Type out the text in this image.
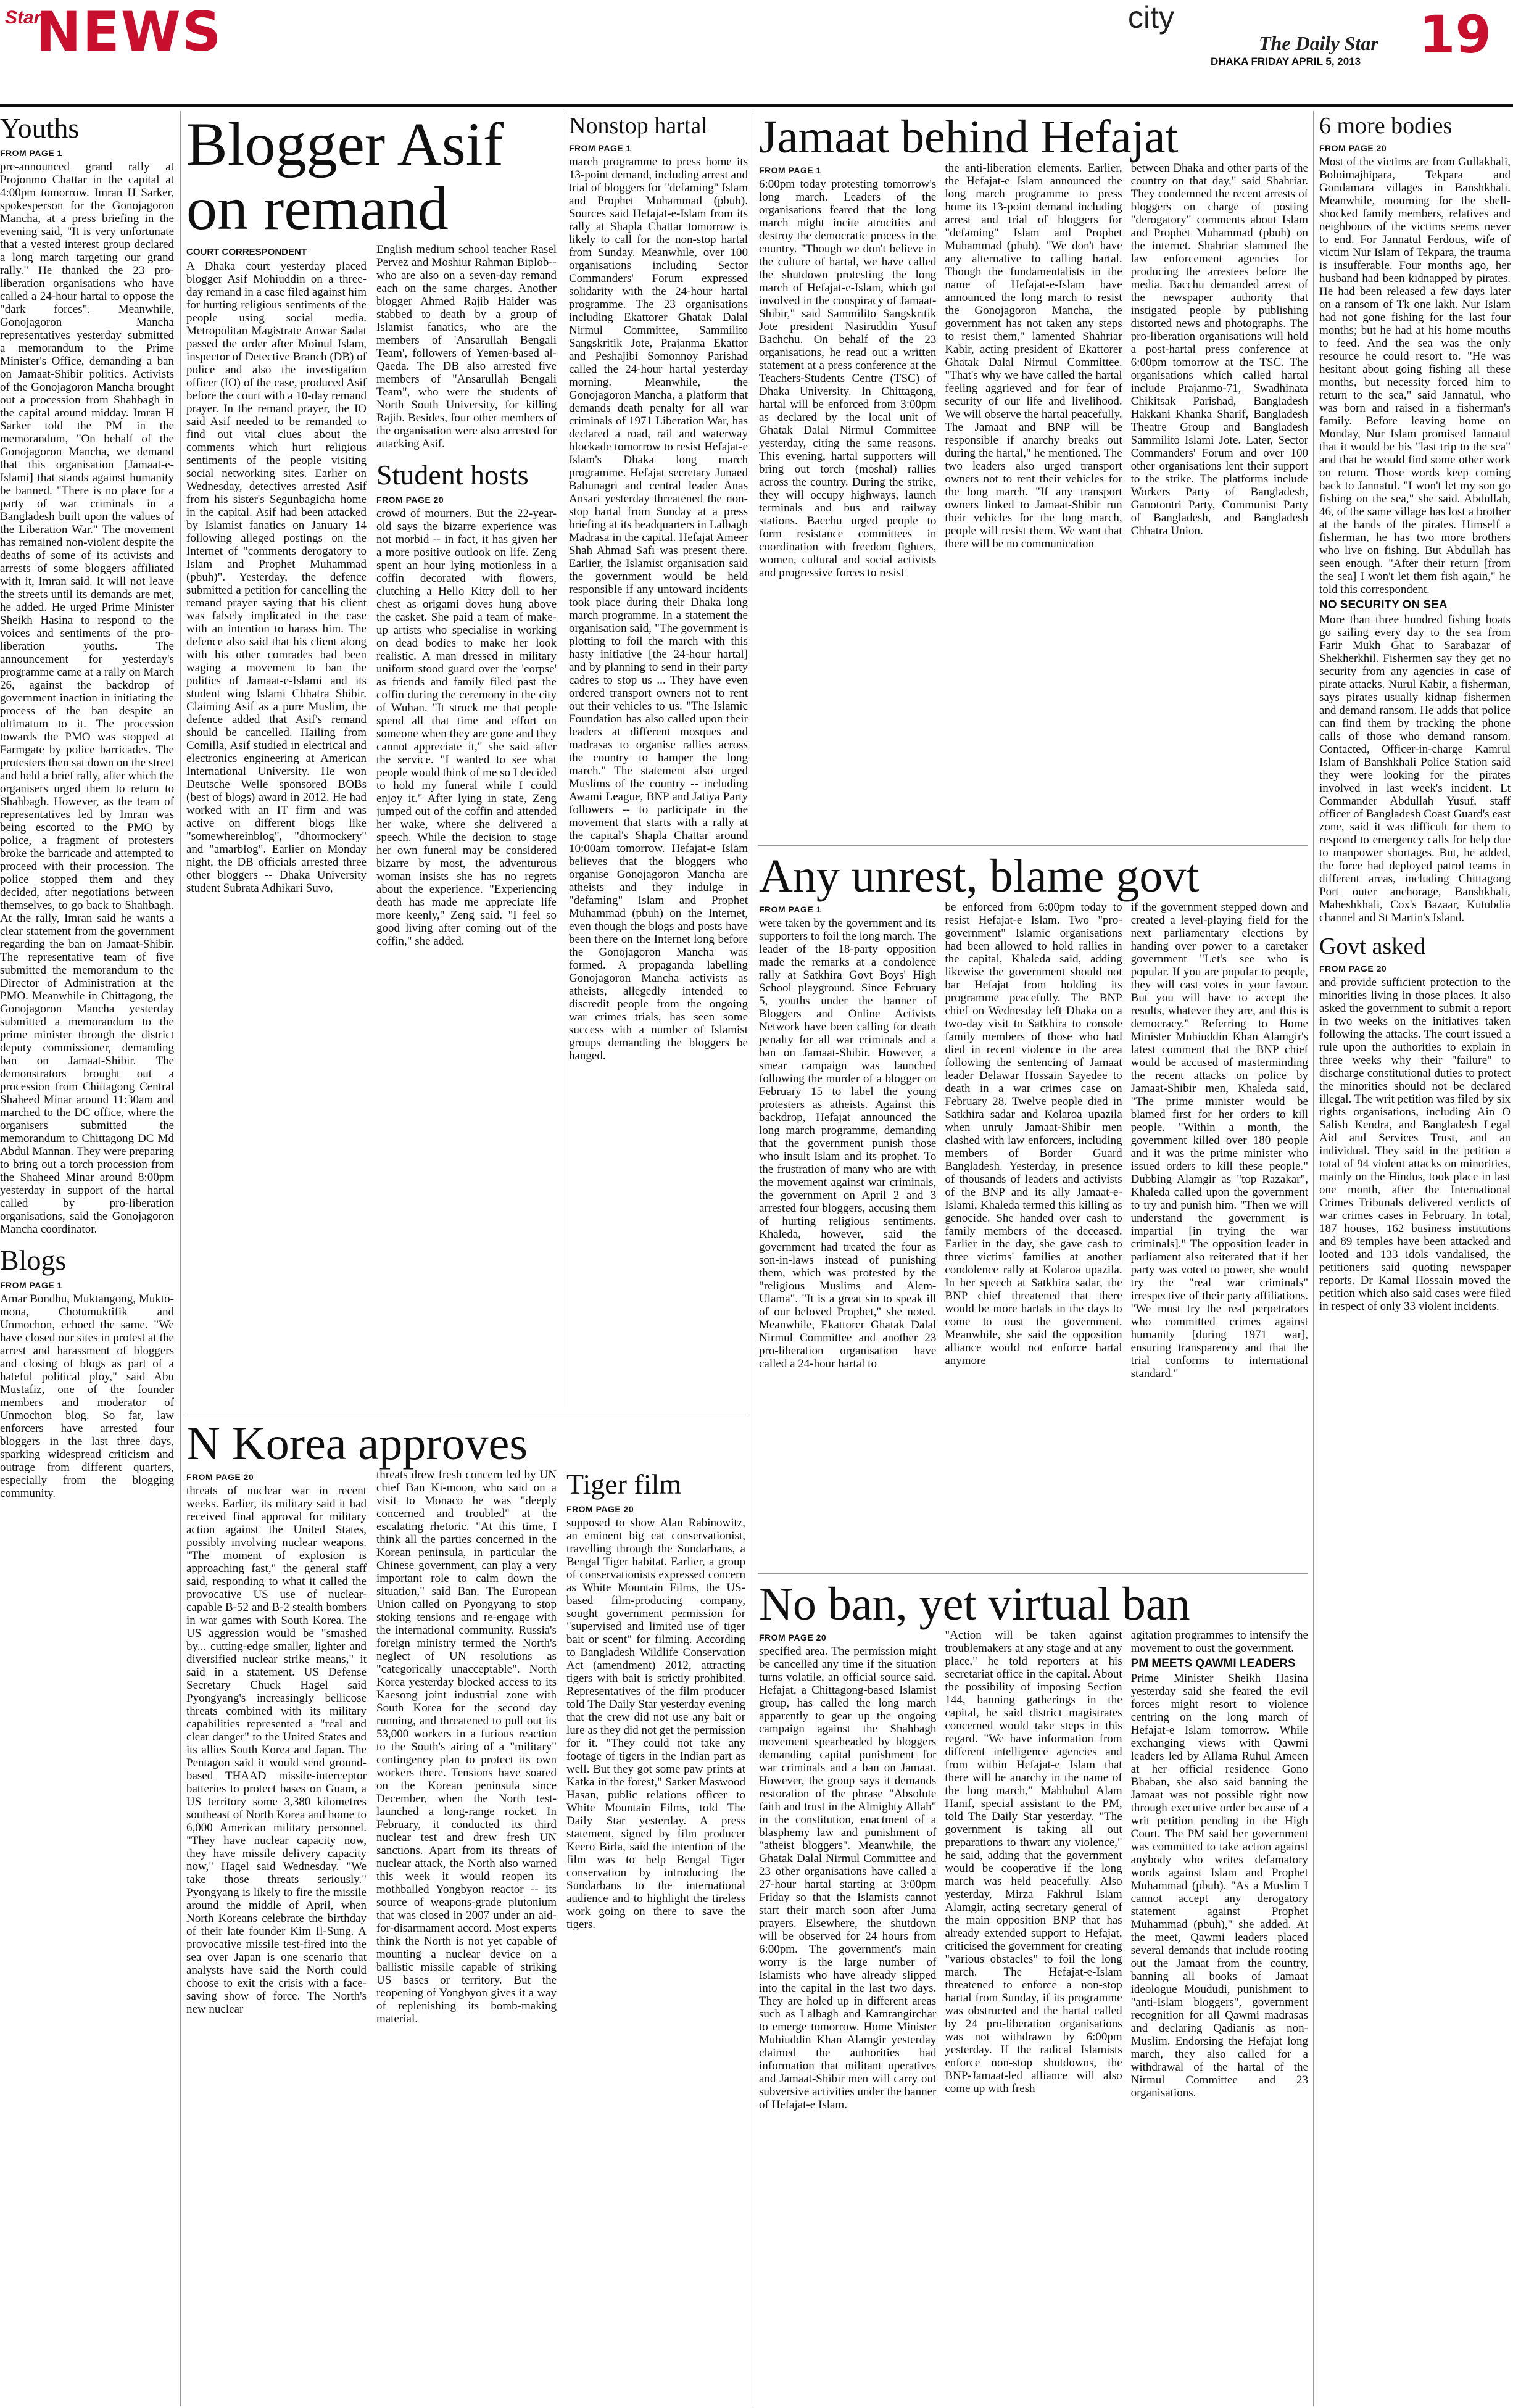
Star
NEWS	city
The Daily Star
DHAKA FRIDAY APRIL 5, 2013 19
Youths
FROM PAGE 1

pre-announced grand rally at Projonmo Chattar in the capital at 4:00pm tomorrow. Imran H Sarker, spokesperson for the Gonojagoron Mancha, at a press briefing in the evening said, "It is very unfortunate that a vested interest group declared a long march targeting our grand rally." He thanked the 23 pro-liberation organisations who have called a 24-hour hartal to oppose the "dark forces". Meanwhile, Gonojagoron Mancha representatives yesterday submitted a memorandum to the Prime Minister's Office, demanding a ban on Jamaat-Shibir politics. Activists of the Gonojagoron Mancha brought out a procession from Shahbagh in the capital around midday. Imran H Sarker told the PM in the memorandum, "On behalf of the Gonojagoron Mancha, we demand that this organisation [Jamaat-e-Islami] that stands against humanity be banned. "There is no place for a party of war criminals in a Bangladesh built upon the values of the Liberation War." The movement has remained non-violent despite the deaths of some of its activists and arrests of some bloggers affiliated with it, Imran said. It will not leave the streets until its demands are met, he added. He urged Prime Minister Sheikh Hasina to respond to the voices and sentiments of the pro-liberation youths. The announcement for yesterday's programme came at a rally on March 26, against the backdrop of government inaction in initiating the process of the ban despite an ultimatum to it. The procession towards the PMO was stopped at Farmgate by police barricades. The protesters then sat down on the street and held a brief rally, after which the organisers urged them to return to Shahbagh. However, as the team of representatives led by Imran was being escorted to the PMO by police, a fragment of protesters broke the barricade and attempted to proceed with their procession. The police stopped them and they decided, after negotiations between themselves, to go back to Shahbagh. At the rally, Imran said he wants a clear statement from the government regarding the ban on Jamaat-Shibir. The representative team of five submitted the memorandum to the Director of Administration at the PMO. Meanwhile in Chittagong, the Gonojagoron Mancha yesterday submitted a memorandum to the prime minister through the district deputy commissioner, demanding ban on Jamaat-Shibir. The demonstrators brought out a procession from Chittagong Central Shaheed Minar around 11:30am and marched to the DC office, where the organisers submitted the memorandum to Chittagong DC Md Abdul Mannan. They were preparing to bring out a torch procession from the Shaheed Minar around 8:00pm yesterday in support of the hartal called by pro-liberation organisations, said the Gonojagoron Mancha coordinator.

Blogs
FROM PAGE 1

Amar Bondhu, Muktangong, Mukto-mona, Chotumuktifik and Unmochon, echoed the same. "We have closed our sites in protest at the arrest and harassment of bloggers and closing of blogs as part of a hateful political ploy," said Abu Mustafiz, one of the founder members and moderator of Unmochon blog. So far, law enforcers have arrested four bloggers in the last three days, sparking widespread criticism and outrage from different quarters, especially from the blogging community.

Blogger Asif on remand
COURT CORRESPONDENT

A Dhaka court yesterday placed blogger Asif Mohiuddin on a three-day remand in a case filed against him for hurting religious sentiments of the people using social media. Metropolitan Magistrate Anwar Sadat passed the order after Moinul Islam, inspector of Detective Branch (DB) of police and also the investigation officer (IO) of the case, produced Asif before the court with a 10-day remand prayer. In the remand prayer, the IO said Asif needed to be remanded to find out vital clues about the comments which hurt religious sentiments of the people visiting social networking sites. Earlier on Wednesday, detectives arrested Asif from his sister's Segunbagicha home in the capital. Asif had been attacked by Islamist fanatics on January 14 following alleged postings on the Internet of "comments derogatory to Islam and Prophet Muhammad (pbuh)". Yesterday, the defence submitted a petition for cancelling the remand prayer saying that his client was falsely implicated in the case with an intention to harass him. The defence also said that his client along with his other comrades had been waging a movement to ban the politics of Jamaat-e-Islami and its student wing Islami Chhatra Shibir. Claiming Asif as a pure Muslim, the defence added that Asif's remand should be cancelled. Hailing from Comilla, Asif studied in electrical and electronics engineering at American International University. He won Deutsche Welle sponsored BOBs (best of blogs) award in 2012. He had worked with an IT firm and was active on different blogs like "somewhereinblog", "dhormockery" and "amarblog". Earlier on Monday night, the DB officials arrested three other bloggers -- Dhaka University student Subrata Adhikari Suvo,

English medium school teacher Rasel Pervez and Moshiur Rahman Biplob-- who are also on a seven-day remand each on the same charges. Another blogger Ahmed Rajib Haider was stabbed to death by a group of Islamist fanatics, who are the members of 'Ansarullah Bengali Team', followers of Yemen-based al-Qaeda. The DB also arrested five members of "Ansarullah Bengali Team", who were the students of North South University, for killing Rajib. Besides, four other members of the organisation were also arrested for attacking Asif.

Student hosts
FROM PAGE 20

crowd of mourners. But the 22-year-old says the bizarre experience was not morbid -- in fact, it has given her a more positive outlook on life. Zeng spent an hour lying motionless in a coffin decorated with flowers, clutching a Hello Kitty doll to her chest as origami doves hung above the casket. She paid a team of make-up artists who specialise in working on dead bodies to make her look realistic. A man dressed in military uniform stood guard over the 'corpse' as friends and family filed past the coffin during the ceremony in the city of Wuhan. "It struck me that people spend all that time and effort on someone when they are gone and they cannot appreciate it," she said after the service. "I wanted to see what people would think of me so I decided to hold my funeral while I could enjoy it." After lying in state, Zeng jumped out of the coffin and attended her wake, where she delivered a speech. While the decision to stage her own funeral may be considered bizarre by most, the adventurous woman insists she has no regrets about the experience. "Experiencing death has made me appreciate life more keenly," Zeng said. "I feel so good living after coming out of the coffin," she added.

Nonstop hartal
FROM PAGE 1

march programme to press home its 13-point demand, including arrest and trial of bloggers for "defaming" Islam and Prophet Muhammad (pbuh). Sources said Hefajat-e-Islam from its rally at Shapla Chattar tomorrow is likely to call for the non-stop hartal from Sunday. Meanwhile, over 100 organisations including Sector Commanders' Forum expressed solidarity with the 24-hour hartal programme. The 23 organisations including Ekattorer Ghatak Dalal Nirmul Committee, Sammilito Sangskritik Jote, Prajanma Ekattor and Peshajibi Somonnoy Parishad called the 24-hour hartal yesterday morning. Meanwhile, the Gonojagoron Mancha, a platform that demands death penalty for all war criminals of 1971 Liberation War, has declared a road, rail and waterway blockade tomorrow to resist Hefajat-e Islam's Dhaka long march programme. Hefajat secretary Junaed Babunagri and central leader Anas Ansari yesterday threatened the non-stop hartal from Sunday at a press briefing at its headquarters in Lalbagh Madrasa in the capital. Hefajat Ameer Shah Ahmad Safi was present there. Earlier, the Islamist organisation said the government would be held responsible if any untoward incidents took place during their Dhaka long march programme. In a statement the organisation said, "The government is plotting to foil the march with this hasty initiative [the 24-hour hartal] and by planning to send in their party cadres to stop us ... They have even ordered transport owners not to rent out their vehicles to us. "The Islamic Foundation has also called upon their leaders at different mosques and madrasas to organise rallies across the country to hamper the long march." The statement also urged Muslims of the country -- including Awami League, BNP and Jatiya Party followers -- to participate in the movement that starts with a rally at the capital's Shapla Chattar around 10:00am tomorrow. Hefajat-e Islam believes that the bloggers who organise Gonojagoron Mancha are atheists and they indulge in "defaming" Islam and Prophet Muhammad (pbuh) on the Internet, even though the blogs and posts have been there on the Internet long before the Gonojagoron Mancha was formed. A propaganda labelling Gonojagoron Mancha activists as atheists, allegedly intended to discredit people from the ongoing war crimes trials, has seen some success with a number of Islamist groups demanding the bloggers be hanged.

N Korea approves
FROM PAGE 20

threats of nuclear war in recent weeks. Earlier, its military said it had received final approval for military action against the United States, possibly involving nuclear weapons. "The moment of explosion is approaching fast," the general staff said, responding to what it called the provocative US use of nuclear-capable B-52 and B-2 stealth bombers in war games with South Korea. The US aggression would be "smashed by... cutting-edge smaller, lighter and diversified nuclear strike means," it said in a statement. US Defense Secretary Chuck Hagel said Pyongyang's increasingly bellicose threats combined with its military capabilities represented a "real and clear danger" to the United States and its allies South Korea and Japan. The Pentagon said it would send ground-based THAAD missile-interceptor batteries to protect bases on Guam, a US territory some 3,380 kilometres southeast of North Korea and home to 6,000 American military personnel. "They have nuclear capacity now, they have missile delivery capacity now," Hagel said Wednesday. "We take those threats seriously." Pyongyang is likely to fire the missile around the middle of April, when North Koreans celebrate the birthday of their late founder Kim Il-Sung. A provocative missile test-fired into the sea over Japan is one scenario that analysts have said the North could choose to exit the crisis with a face-saving show of force. The North's new nuclear

threats drew fresh concern led by UN chief Ban Ki-moon, who said on a visit to Monaco he was "deeply concerned and troubled" at the escalating rhetoric. "At this time, I think all the parties concerned in the Korean peninsula, in particular the Chinese government, can play a very important role to calm down the situation," said Ban. The European Union called on Pyongyang to stop stoking tensions and re-engage with the international community. Russia's foreign ministry termed the North's neglect of UN resolutions as "categorically unacceptable". North Korea yesterday blocked access to its Kaesong joint industrial zone with South Korea for the second day running, and threatened to pull out its 53,000 workers in a furious reaction to the South's airing of a "military" contingency plan to protect its own workers there. Tensions have soared on the Korean peninsula since December, when the North test-launched a long-range rocket. In February, it conducted its third nuclear test and drew fresh UN sanctions. Apart from its threats of nuclear attack, the North also warned this week it would reopen its mothballed Yongbyon reactor -- its source of weapons-grade plutonium that was closed in 2007 under an aid-for-disarmament accord. Most experts think the North is not yet capable of mounting a nuclear device on a ballistic missile capable of striking US bases or territory. But the reopening of Yongbyon gives it a way of replenishing its bomb-making material.

Tiger film
FROM PAGE 20

supposed to show Alan Rabinowitz, an eminent big cat conservationist, travelling through the Sundarbans, a Bengal Tiger habitat. Earlier, a group of conservationists expressed concern as White Mountain Films, the US-based film-producing company, sought government permission for "supervised and limited use of tiger bait or scent" for filming. According to Bangladesh Wildlife Conservation Act (amendment) 2012, attracting tigers with bait is strictly prohibited. Representatives of the film producer told The Daily Star yesterday evening that the crew did not use any bait or lure as they did not get the permission for it. "They could not take any footage of tigers in the Indian part as well. But they got some paw prints at Katka in the forest," Sarker Maswood Hasan, public relations officer to White Mountain Films, told The Daily Star yesterday. A press statement, signed by film producer Keero Birla, said the intention of the film was to help Bengal Tiger conservation by introducing the Sundarbans to the international audience and to highlight the tireless work going on there to save the tigers.

Jamaat behind Hefajat
FROM PAGE 1

6:00pm today protesting tomorrow's long march. Leaders of the organisations feared that the long march might incite atrocities and destroy the democratic process in the country. "Though we don't believe in the culture of hartal, we have called the shutdown protesting the long march of Hefajat-e-Islam, which got involved in the conspiracy of Jamaat-Shibir," said Sammilito Sangskritik Jote president Nasiruddin Yusuf Bachchu. On behalf of the 23 organisations, he read out a written statement at a press conference at the Teachers-Students Centre (TSC) of Dhaka University. In Chittagong, hartal will be enforced from 3:00pm as declared by the local unit of Ghatak Dalal Nirmul Committee yesterday, citing the same reasons. This evening, hartal supporters will bring out torch (moshal) rallies across the country. During the strike, they will occupy highways, launch terminals and bus and railway stations. Bacchu urged people to form resistance committees in coordination with freedom fighters, women, cultural and social activists and progressive forces to resist

the anti-liberation elements. Earlier, the Hefajat-e Islam announced the long march programme to press home its 13-point demand including arrest and trial of bloggers for "defaming" Islam and Prophet Muhammad (pbuh). "We don't have any alternative to calling hartal. Though the fundamentalists in the name of Hefajat-e-Islam have announced the long march to resist the Gonojagoron Mancha, the government has not taken any steps to resist them," lamented Shahriar Kabir, acting president of Ekattorer Ghatak Dalal Nirmul Committee. "That's why we have called the hartal feeling aggrieved and for fear of security of our life and livelihood. We will observe the hartal peacefully. The Jamaat and BNP will be responsible if anarchy breaks out during the hartal," he mentioned. The two leaders also urged transport owners not to rent their vehicles for the long march. "If any transport owners linked to Jamaat-Shibir run their vehicles for the long march, people will resist them. We want that there will be no communication

between Dhaka and other parts of the country on that day," said Shahriar. They condemned the recent arrests of bloggers on charge of posting "derogatory" comments about Islam and Prophet Muhammad (pbuh) on the internet. Shahriar slammed the law enforcement agencies for producing the arrestees before the media. Bacchu demanded arrest of the newspaper authority that instigated people by publishing distorted news and photographs. The pro-liberation organisations will hold a post-hartal press conference at 6:00pm tomorrow at the TSC. The organisations which called hartal include Prajanmo-71, Swadhinata Chikitsak Parishad, Bangladesh Hakkani Khanka Sharif, Bangladesh Theatre Group and Bangladesh Sammilito Islami Jote. Later, Sector Commanders' Forum and over 100 other organisations lent their support to the strike. The platforms include Workers Party of Bangladesh, Ganotontri Party, Communist Party of Bangladesh, and Bangladesh Chhatra Union.

Any unrest, blame govt
FROM PAGE 1

were taken by the government and its supporters to foil the long march. The leader of the 18-party opposition made the remarks at a condolence rally at Satkhira Govt Boys' High School playground. Since February 5, youths under the banner of Bloggers and Online Activists Network have been calling for death penalty for all war criminals and a ban on Jamaat-Shibir. However, a smear campaign was launched following the murder of a blogger on February 15 to label the young protesters as atheists. Against this backdrop, Hefajat announced the long march programme, demanding that the government punish those who insult Islam and its prophet. To the frustration of many who are with the movement against war criminals, the government on April 2 and 3 arrested four bloggers, accusing them of hurting religious sentiments. Khaleda, however, said the government had treated the four as son-in-laws instead of punishing them, which was protested by the "religious Muslims and Alem-Ulama". "It is a great sin to speak ill of our beloved Prophet," she noted. Meanwhile, Ekattorer Ghatak Dalal Nirmul Committee and another 23 pro-liberation organisation have called a 24-hour hartal to

be enforced from 6:00pm today to resist Hefajat-e Islam. Two "pro-government" Islamic organisations had been allowed to hold rallies in the capital, Khaleda said, adding likewise the government should not bar Hefajat from holding its programme peacefully. The BNP chief on Wednesday left Dhaka on a two-day visit to Satkhira to console family members of those who had died in recent violence in the area following the sentencing of Jamaat leader Delawar Hossain Sayedee to death in a war crimes case on February 28. Twelve people died in Satkhira sadar and Kolaroa upazila when unruly Jamaat-Shibir men clashed with law enforcers, including members of Border Guard Bangladesh. Yesterday, in presence of thousands of leaders and activists of the BNP and its ally Jamaat-e-Islami, Khaleda termed this killing as genocide. She handed over cash to family members of the deceased. Earlier in the day, she gave cash to three victims' families at another condolence rally at Kolaroa upazila. In her speech at Satkhira sadar, the BNP chief threatened that there would be more hartals in the days to come to oust the government. Meanwhile, she said the opposition alliance would not enforce hartal anymore

if the government stepped down and created a level-playing field for the next parliamentary elections by handing over power to a caretaker government "Let's see who is popular. If you are popular to people, they will cast votes in your favour. But you will have to accept the results, whatever they are, and this is democracy." Referring to Home Minister Muhiuddin Khan Alamgir's latest comment that the BNP chief would be accused of masterminding the recent attacks on police by Jamaat-Shibir men, Khaleda said, "The prime minister would be blamed first for her orders to kill people. "Within a month, the government killed over 180 people and it was the prime minister who issued orders to kill these people." Dubbing Alamgir as "top Razakar", Khaleda called upon the government to try and punish him. "Then we will understand the government is impartial [in trying the war criminals]." The opposition leader in parliament also reiterated that if her party was voted to power, she would try the "real war criminals" irrespective of their party affiliations. "We must try the real perpetrators who committed crimes against humanity [during 1971 war], ensuring transparency and that the trial conforms to international standard."

No ban, yet virtual ban
FROM PAGE 20

specified area. The permission might be cancelled any time if the situation turns volatile, an official source said. Hefajat, a Chittagong-based Islamist group, has called the long march apparently to gear up the ongoing campaign against the Shahbagh movement spearheaded by bloggers demanding capital punishment for war criminals and a ban on Jamaat. However, the group says it demands restoration of the phrase "Absolute faith and trust in the Almighty Allah" in the constitution, enactment of a blasphemy law and punishment of "atheist bloggers". Meanwhile, the Ghatak Dalal Nirmul Committee and 23 other organisations have called a 27-hour hartal starting at 3:00pm Friday so that the Islamists cannot start their march soon after Juma prayers. Elsewhere, the shutdown will be observed for 24 hours from 6:00pm. The government's main worry is the large number of Islamists who have already slipped into the capital in the last two days. They are holed up in different areas such as Lalbagh and Kamrangirchar to emerge tomorrow. Home Minister Muhiuddin Khan Alamgir yesterday claimed the authorities had information that militant operatives and Jamaat-Shibir men will carry out subversive activities under the banner of Hefajat-e Islam.

"Action will be taken against troublemakers at any stage and at any place," he told reporters at his secretariat office in the capital. About the possibility of imposing Section 144, banning gatherings in the capital, he said district magistrates concerned would take steps in this regard. "We have information from different intelligence agencies and from within Hefajat-e Islam that there will be anarchy in the name of the long march," Mahbubul Alam Hanif, special assistant to the PM, told The Daily Star yesterday. "The government is taking all out preparations to thwart any violence," he said, adding that the government would be cooperative if the long march was held peacefully. Also yesterday, Mirza Fakhrul Islam Alamgir, acting secretary general of the main opposition BNP that has already extended support to Hefajat, criticised the government for creating "various obstacles" to foil the long march. The Hefajat-e-Islam threatened to enforce a non-stop hartal from Sunday, if its programme was obstructed and the hartal called by 24 pro-liberation organisations was not withdrawn by 6:00pm yesterday. If the radical Islamists enforce non-stop shutdowns, the BNP-Jamaat-led alliance will also come up with fresh

agitation programmes to intensify the movement to oust the government.

PM MEETS QAWMI LEADERS

Prime Minister Sheikh Hasina yesterday said she feared the evil forces might resort to violence centring on the long march of Hefajat-e Islam tomorrow. While exchanging views with Qawmi leaders led by Allama Ruhul Ameen at her official residence Gono Bhaban, she also said banning the Jamaat was not possible right now through executive order because of a writ petition pending in the High Court. The PM said her government was committed to take action against anybody who writes defamatory words against Islam and Prophet Muhammad (pbuh). "As a Muslim I cannot accept any derogatory statement against Prophet Muhammad (pbuh)," she added. At the meet, Qawmi leaders placed several demands that include rooting out the Jamaat from the country, banning all books of Jamaat ideologue Moududi, punishment to "anti-Islam bloggers", government recognition for all Qawmi madrasas and declaring Qadianis as non-Muslim. Endorsing the Hefajat long march, they also called for a withdrawal of the hartal of the Nirmul Committee and 23 organisations.

6 more bodies
FROM PAGE 20

Most of the victims are from Gullakhali, Boloimajhipara, Tekpara and Gondamara villages in Banshkhali. Meanwhile, mourning for the shell-shocked family members, relatives and neighbours of the victims seems never to end. For Jannatul Ferdous, wife of victim Nur Islam of Tekpara, the trauma is insufferable. Four months ago, her husband had been kidnapped by pirates. He had been released a few days later on a ransom of Tk one lakh. Nur Islam had not gone fishing for the last four months; but he had at his home mouths to feed. And the sea was the only resource he could resort to. "He was hesitant about going fishing all these months, but necessity forced him to return to the sea," said Jannatul, who was born and raised in a fisherman's family. Before leaving home on Monday, Nur Islam promised Jannatul that it would be his "last trip to the sea" and that he would find some other work on return. Those words keep coming back to Jannatul. "I won't let my son go fishing on the sea," she said. Abdullah, 46, of the same village has lost a brother at the hands of the pirates. Himself a fisherman, he has two more brothers who live on fishing. But Abdullah has seen enough. "After their return [from the sea] I won't let them fish again," he told this correspondent.

NO SECURITY ON SEA

More than three hundred fishing boats go sailing every day to the sea from Farir Mukh Ghat to Sarabazar of Shekherkhil. Fishermen say they get no security from any agencies in case of pirate attacks. Nurul Kabir, a fisherman, says pirates usually kidnap fishermen and demand ransom. He adds that police can find them by tracking the phone calls of those who demand ransom. Contacted, Officer-in-charge Kamrul Islam of Banshkhali Police Station said they were looking for the pirates involved in last week's incident. Lt Commander Abdullah Yusuf, staff officer of Bangladesh Coast Guard's east zone, said it was difficult for them to respond to emergency calls for help due to manpower shortages. But, he added, the force had deployed patrol teams in different areas, including Chittagong Port outer anchorage, Banshkhali, Maheshkhali, Cox's Bazaar, Kutubdia channel and St Martin's Island.

Govt asked
FROM PAGE 20

and provide sufficient protection to the minorities living in those places. It also asked the government to submit a report in two weeks on the initiatives taken following the attacks. The court issued a rule upon the authorities to explain in three weeks why their "failure" to discharge constitutional duties to protect the minorities should not be declared illegal. The writ petition was filed by six rights organisations, including Ain O Salish Kendra, and Bangladesh Legal Aid and Services Trust, and an individual. They said in the petition a total of 94 violent attacks on minorities, mainly on the Hindus, took place in last one month, after the International Crimes Tribunals delivered verdicts of war crimes cases in February. In total, 187 houses, 162 business institutions and 89 temples have been attacked and looted and 133 idols vandalised, the petitioners said quoting newspaper reports. Dr Kamal Hossain moved the petition which also said cases were filed in respect of only 33 violent incidents.
